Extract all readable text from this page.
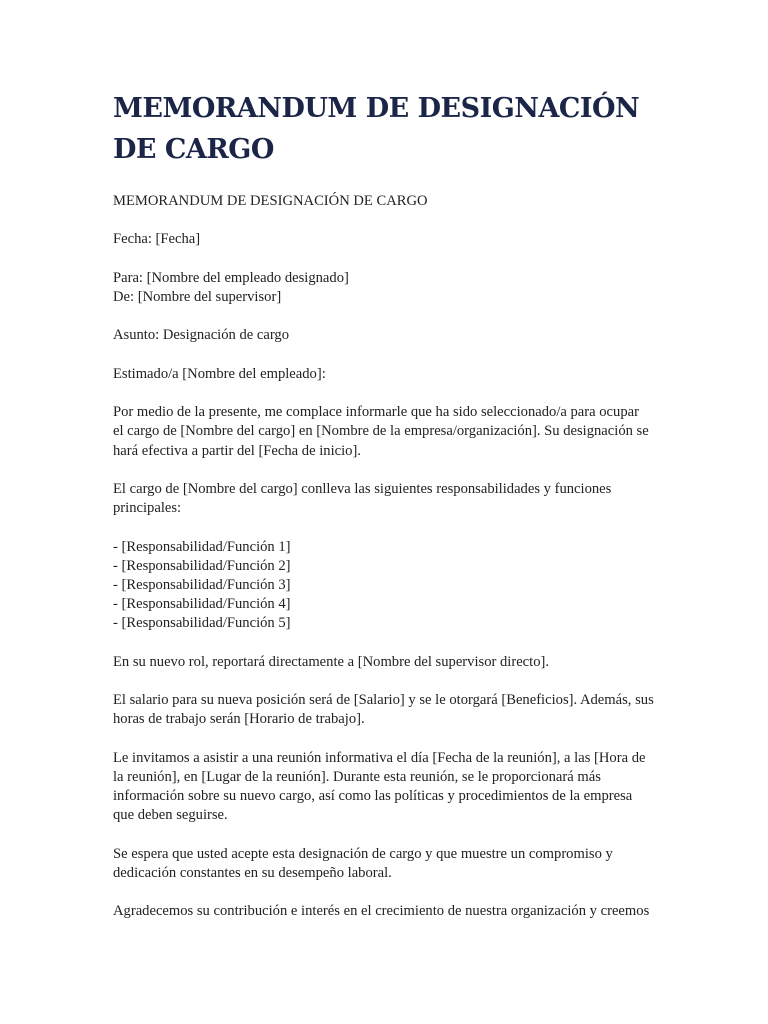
MEMORANDUM DE DESIGNACIÓN DE CARGO

MEMORANDUM DE DESIGNACIÓN DE CARGO

Fecha: [Fecha]

Para: [Nombre del empleado designado]
De: [Nombre del supervisor]

Asunto: Designación de cargo

Estimado/a [Nombre del empleado]:

Por medio de la presente, me complace informarle que ha sido seleccionado/a para ocupar
el cargo de [Nombre del cargo] en [Nombre de la empresa/organización]. Su designación se
hará efectiva a partir del [Fecha de inicio].

El cargo de [Nombre del cargo] conlleva las siguientes responsabilidades y funciones
principales:

- [Responsabilidad/Función 1]
- [Responsabilidad/Función 2]
- [Responsabilidad/Función 3]
- [Responsabilidad/Función 4]
- [Responsabilidad/Función 5]

En su nuevo rol, reportará directamente a [Nombre del supervisor directo].

El salario para su nueva posición será de [Salario] y se le otorgará [Beneficios]. Además, sus
horas de trabajo serán [Horario de trabajo].

Le invitamos a asistir a una reunión informativa el día [Fecha de la reunión], a las [Hora de
la reunión], en [Lugar de la reunión]. Durante esta reunión, se le proporcionará más
información sobre su nuevo cargo, así como las políticas y procedimientos de la empresa
que deben seguirse.

Se espera que usted acepte esta designación de cargo y que muestre un compromiso y
dedicación constantes en su desempeño laboral.

Agradecemos su contribución e interés en el crecimiento de nuestra organización y creemos
